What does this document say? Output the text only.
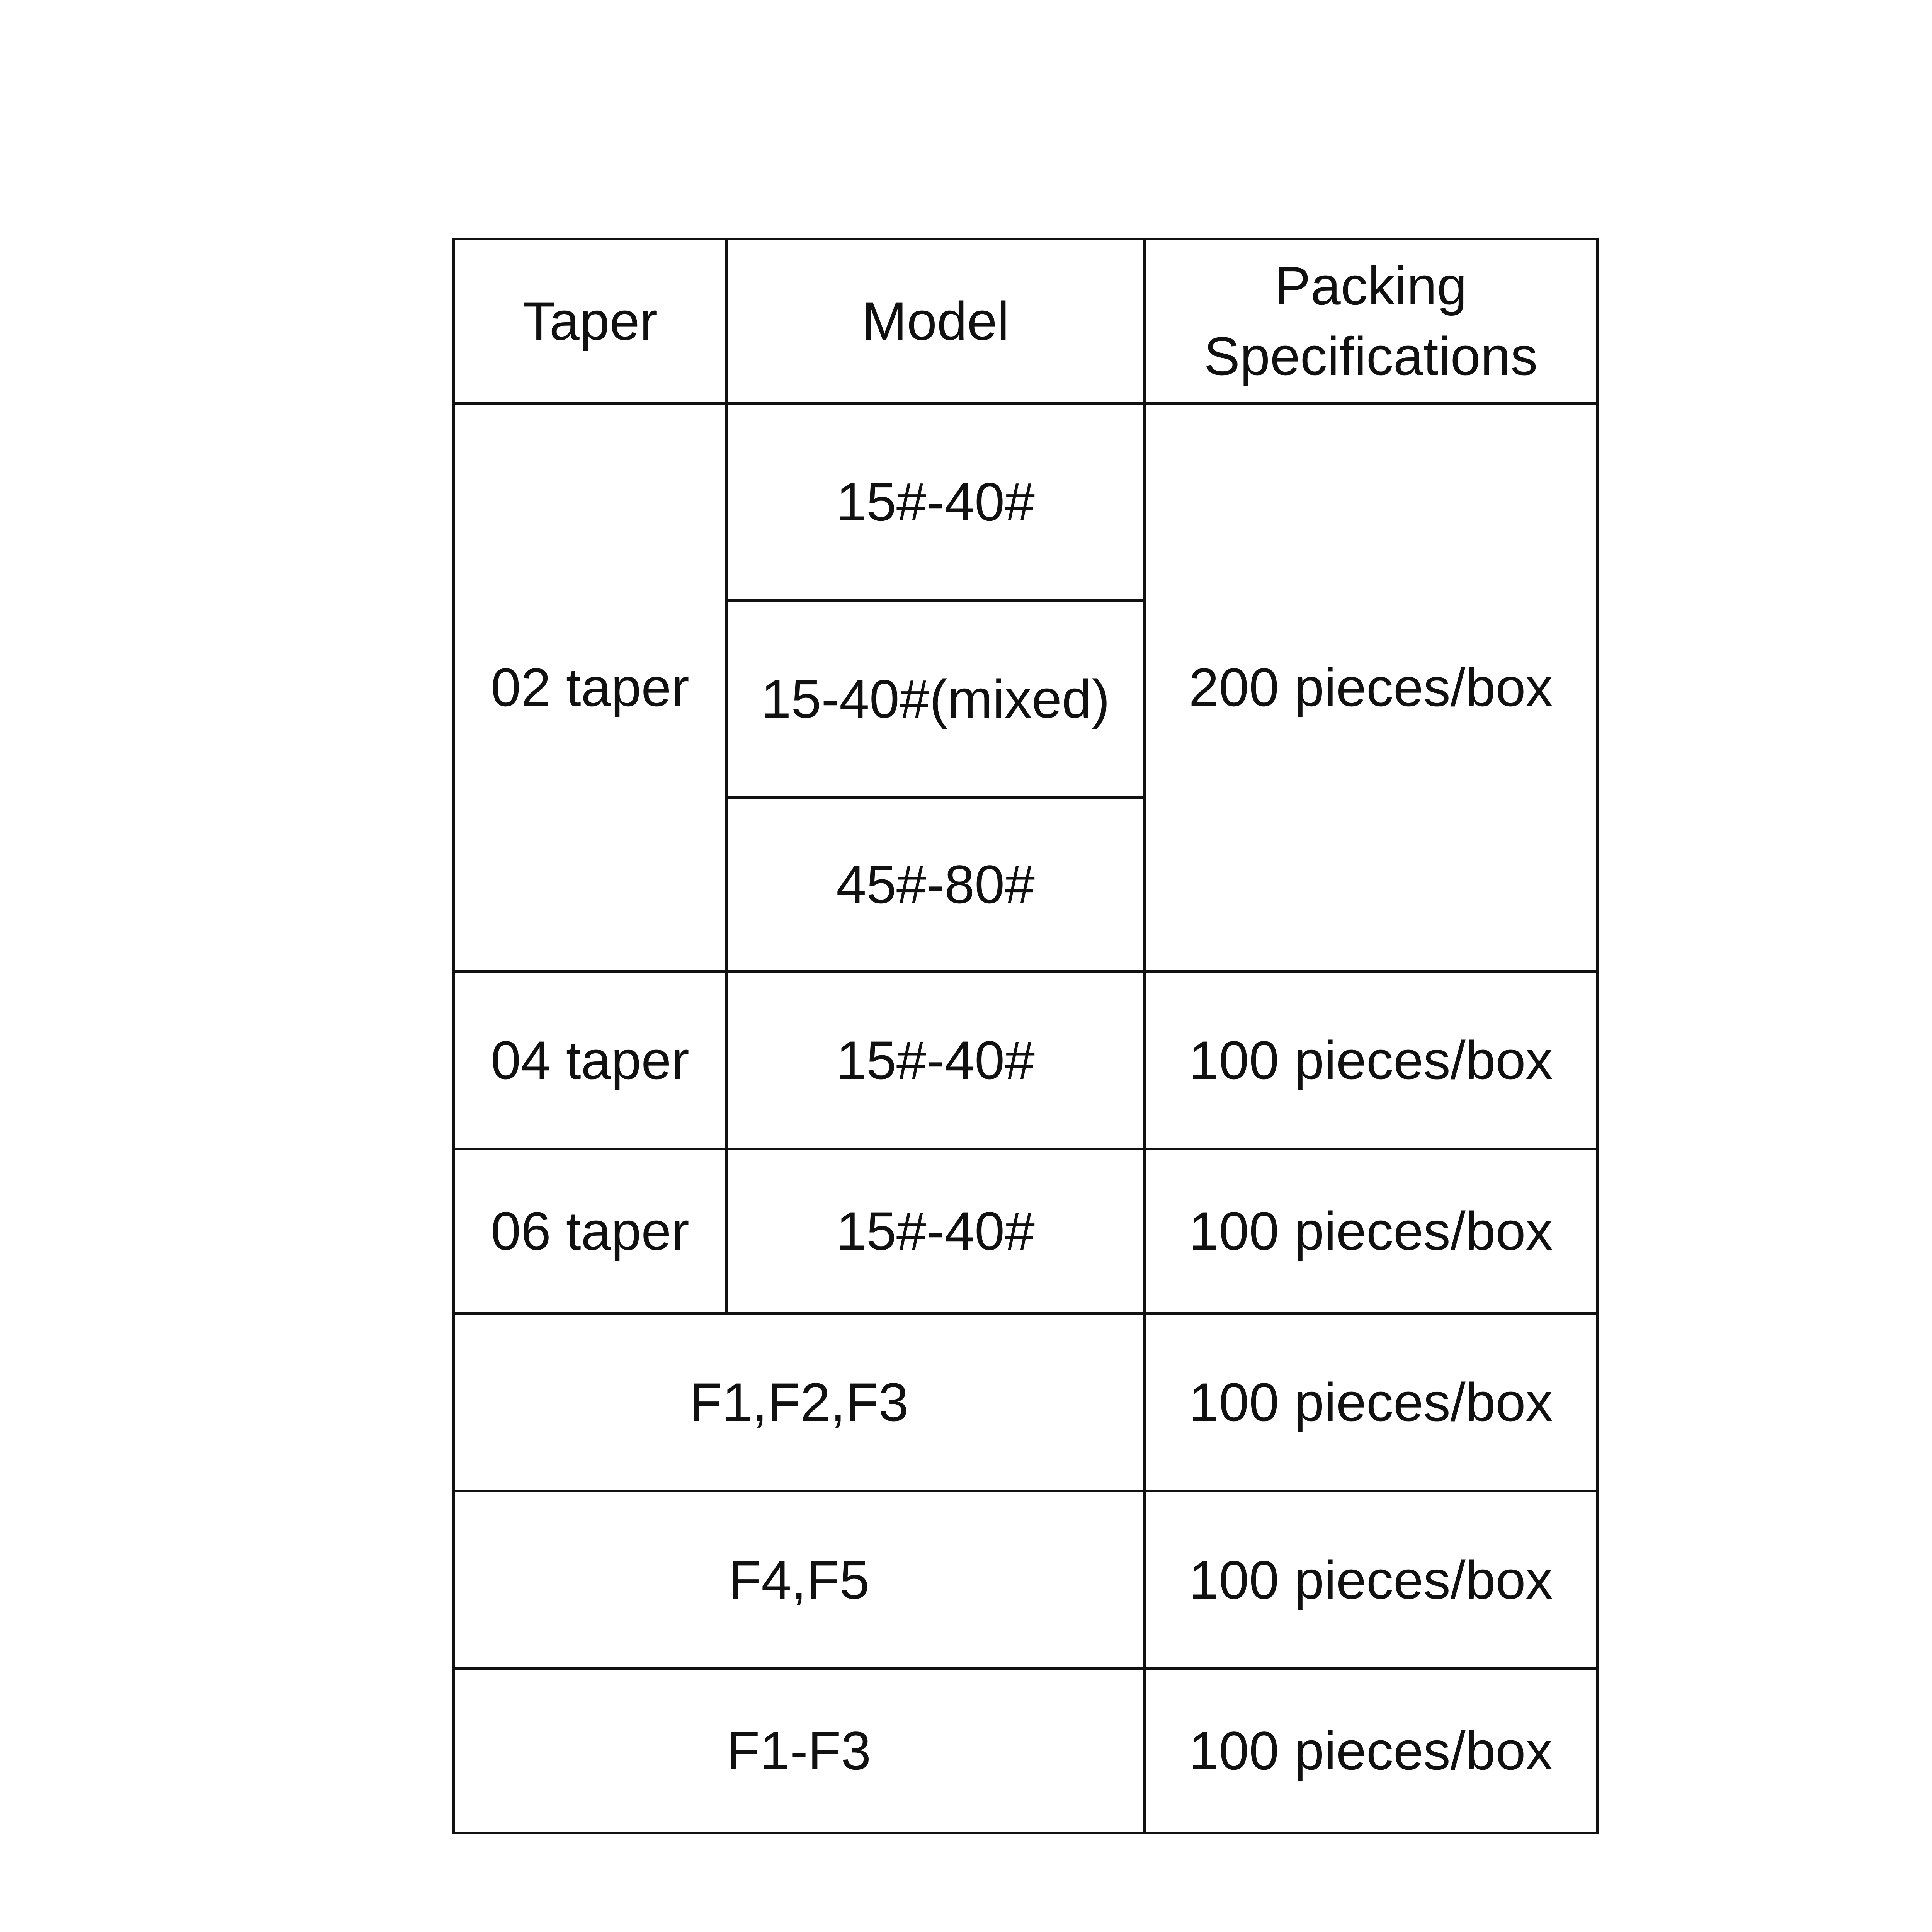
Taper	Model	Packing Specifications
02 taper	15#-40#	200 pieces/box
	15-40#(mixed)	
	45#-80#	
04 taper	15#-40#	100 pieces/box
06 taper	15#-40#	100 pieces/box
F1,F2,F3		100 pieces/box
F4,F5		100 pieces/box
F1-F3		100 pieces/box
